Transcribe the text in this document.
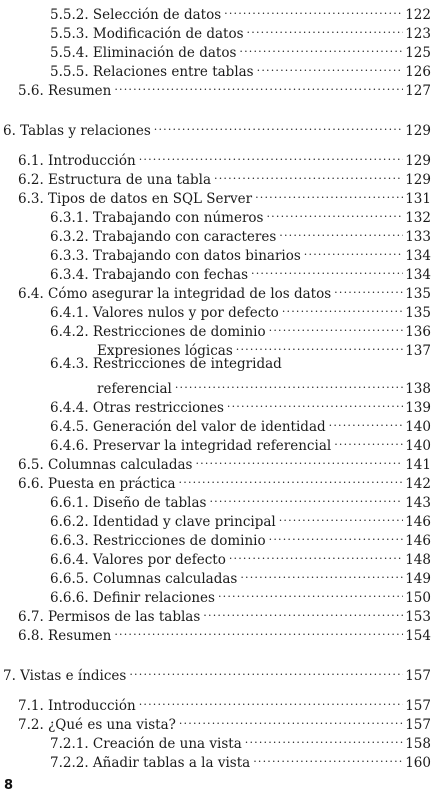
5.5.2. Selección de datos .....	122
5.5.3. Modificación de datos .....	123
5.5.4. Eliminación de datos .....	125
5.5.5. Relaciones entre tablas .....	126
5.6. Resumen .....	127
6. Tablas y relaciones .....	129
6.1. Introducción .....	129
6.2. Estructura de una tabla .....	129
6.3. Tipos de datos en SQL Server .....	131
6.3.1. Trabajando con números .....	132
6.3.2. Trabajando con caracteres .....	133
6.3.3. Trabajando con datos binarios .....	134
6.3.4. Trabajando con fechas .....	134
6.4. Cómo asegurar la integridad de los datos .....	135
6.4.1. Valores nulos y por defecto .....	135
6.4.2. Restricciones de dominio .....	136
Expresiones lógicas .....	137
6.4.3. Restricciones de integridad
referencial .....	138
6.4.4. Otras restricciones .....	139
6.4.5. Generación del valor de identidad .....	140
6.4.6. Preservar la integridad referencial .....	140
6.5. Columnas calculadas .....	141
6.6. Puesta en práctica .....	142
6.6.1. Diseño de tablas .....	143
6.6.2. Identidad y clave principal .....	146
6.6.3. Restricciones de dominio .....	146
6.6.4. Valores por defecto .....	148
6.6.5. Columnas calculadas .....	149
6.6.6. Definir relaciones .....	150
6.7. Permisos de las tablas .....	153
6.8. Resumen .....	154
7. Vistas e índices .....	157
7.1. Introducción .....	157
7.2. ¿Qué es una vista? .....	157
7.2.1. Creación de una vista .....	158
7.2.2. Añadir tablas a la vista .....	160
8
